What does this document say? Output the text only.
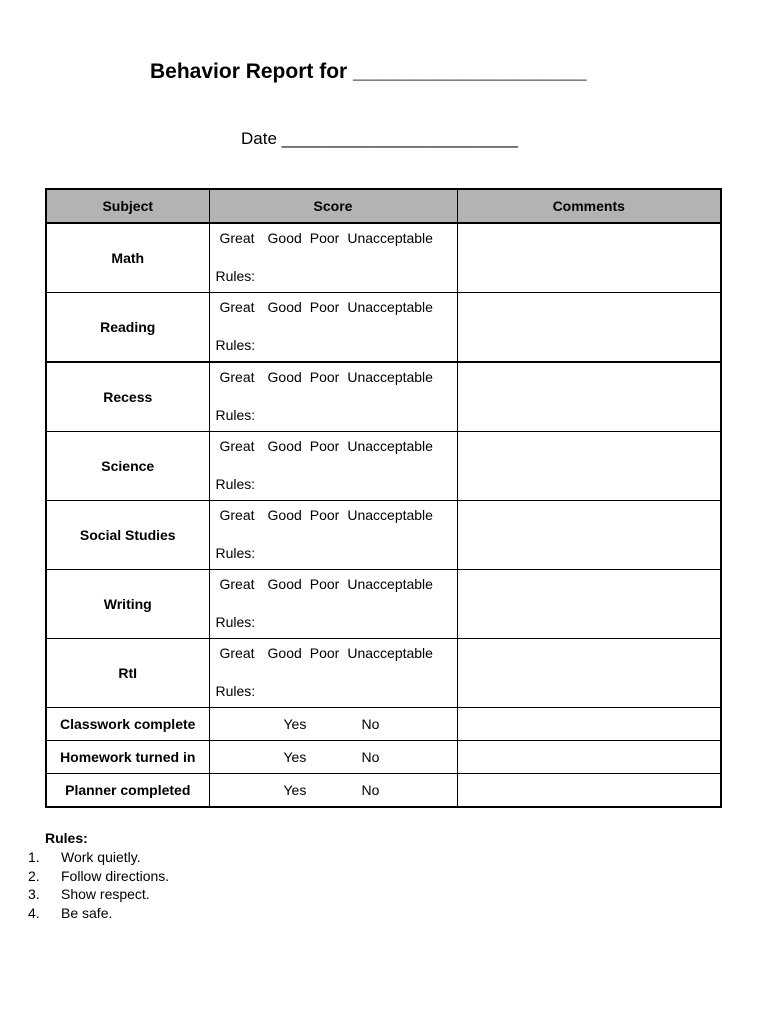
Behavior Report for ____________________
Date _________________________
Subject	Score	Comments
Math	Great Good Poor Unacceptable
Rules:	

Reading	Great Good Poor Unacceptable
Rules:	

Recess	Great Good Poor Unacceptable
Rules:	

Science	Great Good Poor Unacceptable
Rules:	

Social Studies	Great Good Poor Unacceptable
Rules:	

Writing	Great Good Poor Unacceptable
Rules:	

RtI	Great Good Poor Unacceptable
Rules:	

Classwork complete	Yes No	

Homework turned in	Yes No	

Planner completed	Yes No	

Rules:
1.	Work quietly.
2.	Follow directions.
3.	Show respect.
4.	Be safe.
